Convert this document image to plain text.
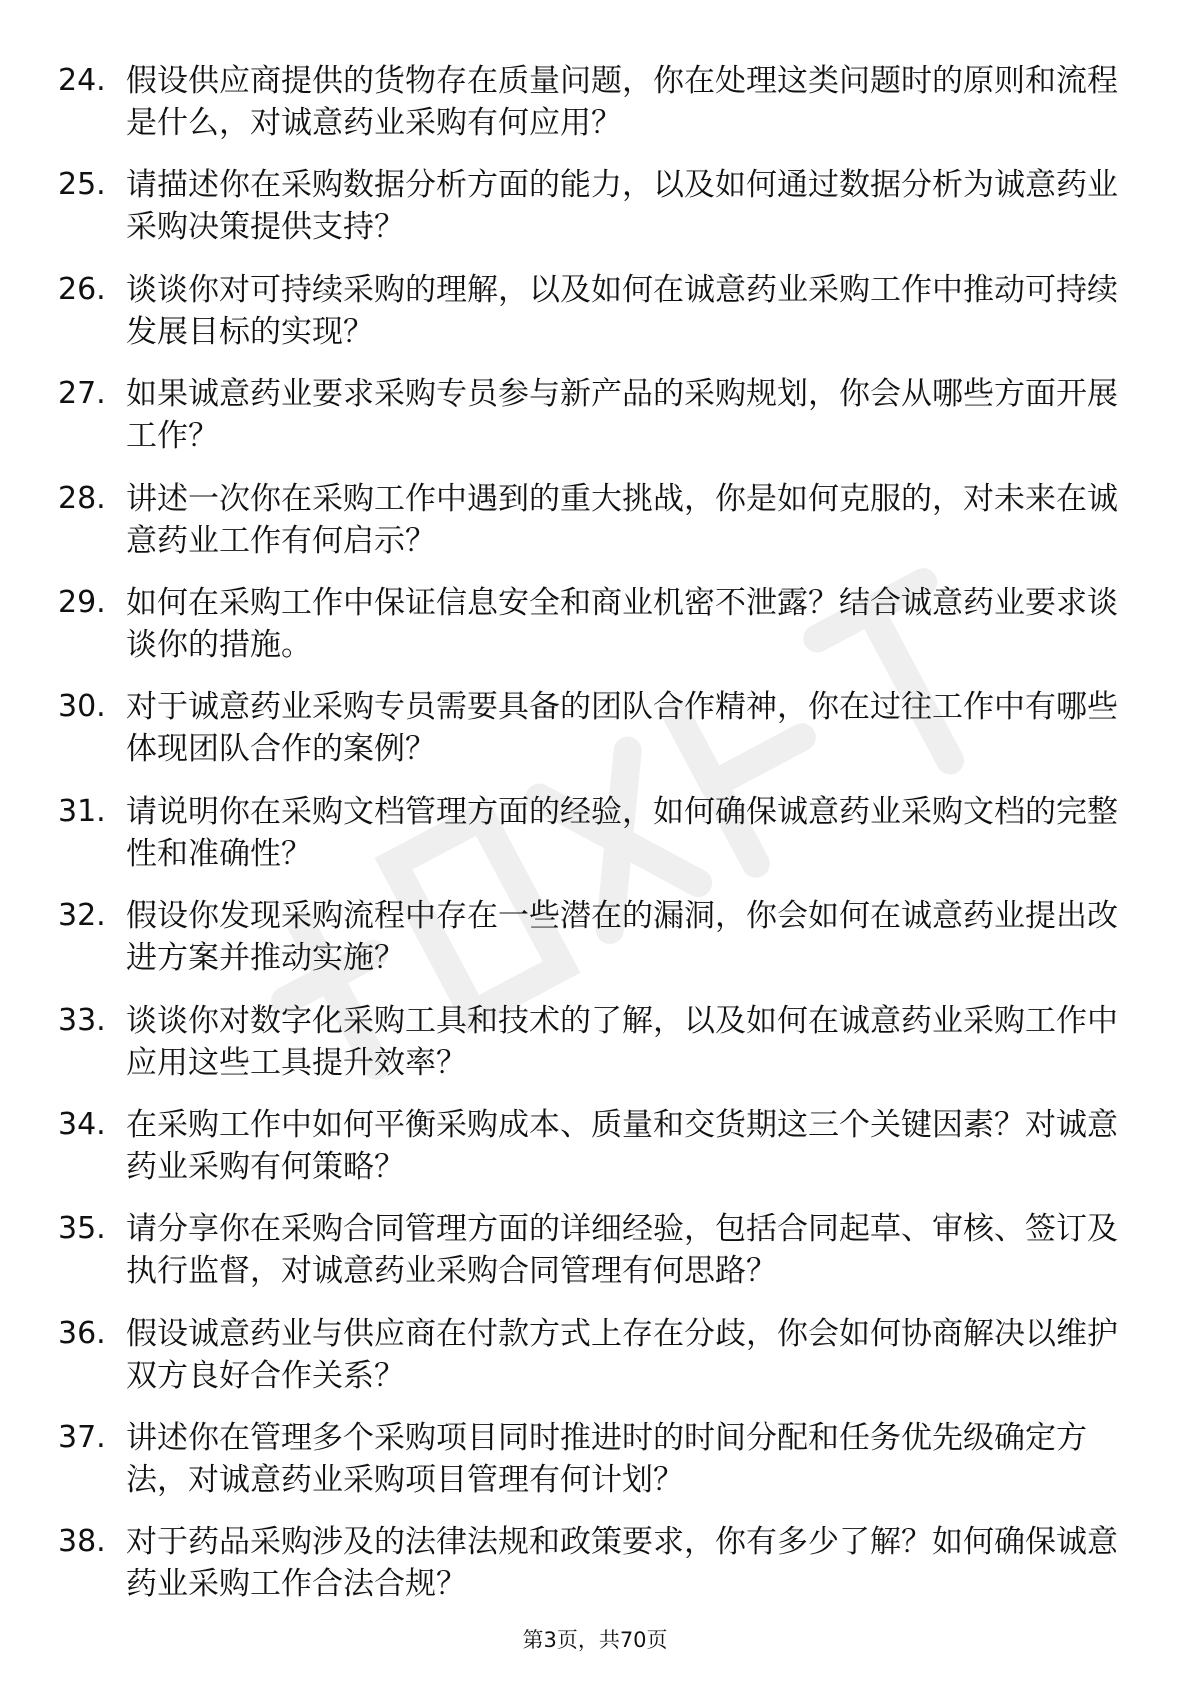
24. 假设供应商提供的货物存在质量问题，你在处理这类问题时的原则和流程是什么，对诚意药业采购有何应用？
25. 请描述你在采购数据分析方面的能力，以及如何通过数据分析为诚意药业采购决策提供支持？
26. 谈谈你对可持续采购的理解，以及如何在诚意药业采购工作中推动可持续发展目标的实现？
27. 如果诚意药业要求采购专员参与新产品的采购规划，你会从哪些方面开展工作？
28. 讲述一次你在采购工作中遇到的重大挑战，你是如何克服的，对未来在诚意药业工作有何启示？
29. 如何在采购工作中保证信息安全和商业机密不泄露？结合诚意药业要求谈谈你的措施。
30. 对于诚意药业采购专员需要具备的团队合作精神，你在过往工作中有哪些体现团队合作的案例？
31. 请说明你在采购文档管理方面的经验，如何确保诚意药业采购文档的完整性和准确性？
32. 假设你发现采购流程中存在一些潜在的漏洞，你会如何在诚意药业提出改进方案并推动实施？
33. 谈谈你对数字化采购工具和技术的了解，以及如何在诚意药业采购工作中应用这些工具提升效率？
34. 在采购工作中如何平衡采购成本、质量和交货期这三个关键因素？对诚意药业采购有何策略？
35. 请分享你在采购合同管理方面的详细经验，包括合同起草、审核、签订及执行监督，对诚意药业采购合同管理有何思路？
36. 假设诚意药业与供应商在付款方式上存在分歧，你会如何协商解决以维护双方良好合作关系？
37. 讲述你在管理多个采购项目同时推进时的时间分配和任务优先级确定方法，对诚意药业采购项目管理有何计划？
38. 对于药品采购涉及的法律法规和政策要求，你有多少了解？如何确保诚意药业采购工作合法合规？
第3页，共70页
